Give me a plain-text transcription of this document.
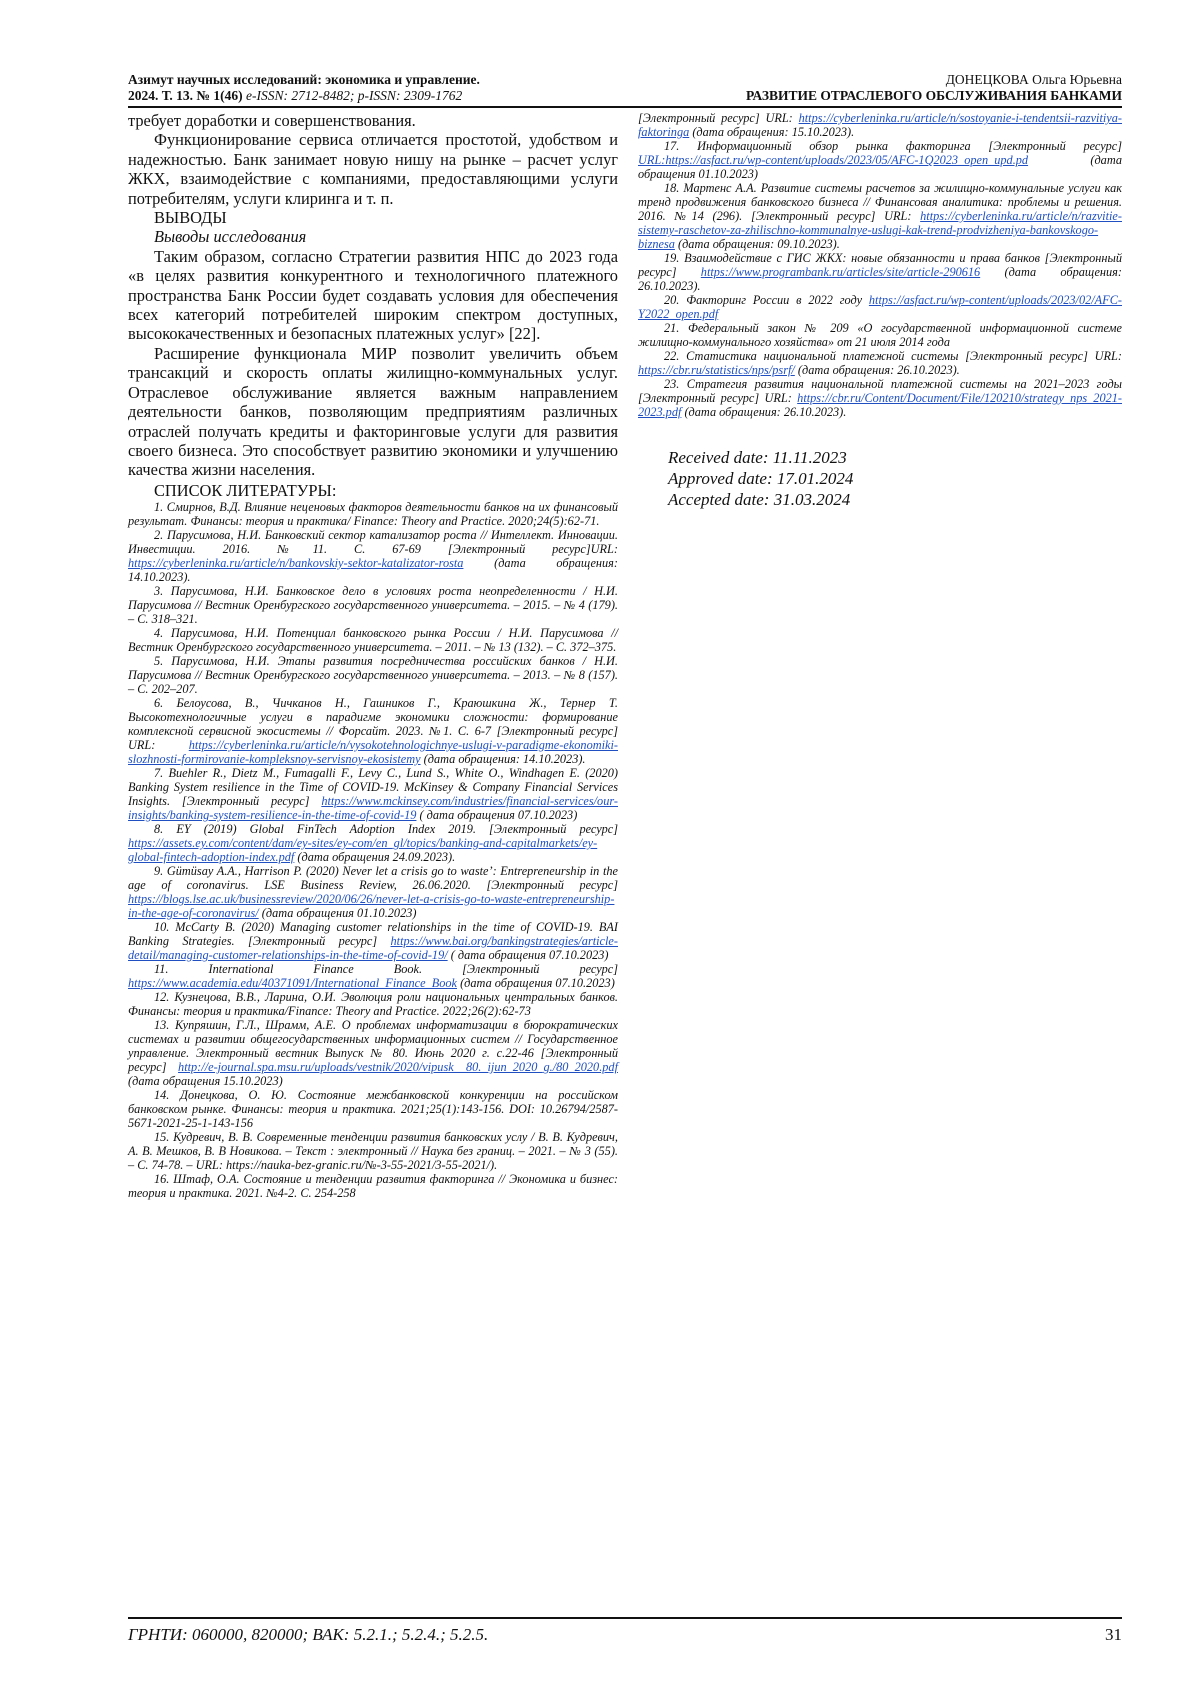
Азимут научных исследований: экономика и управление.
2024. Т. 13. № 1(46) e-ISSN: 2712-8482; p-ISSN: 2309-1762
ДОНЕЦКОВА Ольга Юрьевна
РАЗВИТИЕ ОТРАСЛЕВОГО ОБСЛУЖИВАНИЯ БАНКАМИ

требует доработки и совершенствования.

Функционирование сервиса отличается простотой, удобством и надежностью. Банк занимает новую нишу на рынке – расчет услуг ЖКХ, взаимодействие с компаниями, предоставляющими услуги потребителям, услуги клиринга и т. п.

ВЫВОДЫ
Выводы исследования

Таким образом, согласно Стратегии развития НПС до 2023 года «в целях развития конкурентного и технологичного платежного пространства Банк России будет создавать условия для обеспечения всех категорий потребителей широким спектром доступных, высококачественных и безопасных платежных услуг» [22].

Расширение функционала МИР позволит увеличить объем трансакций и скорость оплаты жилищно-коммунальных услуг. Отраслевое обслуживание является важным направлением деятельности банков, позволяющим предприятиям различных отраслей получать кредиты и факторинговые услуги для развития своего бизнеса. Это способствует развитию экономики и улучшению качества жизни населения.

СПИСОК ЛИТЕРАТУРЫ:

1. Смирнов, В.Д. Влияние неценовых факторов деятельности банков на их финансовый результат. Финансы: теория и практика/ Finance: Theory and Practice. 2020;24(5):62-71.

2. Парусимова, Н.И. Банковский сектор катализатор роста // Интеллект. Инновации. Инвестиции. 2016. №11. С. 67-69 [Электронный ресурс]URL: https://cyberleninka.ru/article/n/bankovskiy-sektor-katalizator-rosta (дата обращения: 14.10.2023).

3. Парусимова, Н.И. Банковское дело в условиях роста неопределенности / Н.И. Парусимова // Вестник Оренбургского государственного университета. – 2015. – № 4 (179). – С. 318–321.

4. Парусимова, Н.И. Потенциал банковского рынка России / Н.И. Парусимова // Вестник Оренбургского государственного университета. – 2011. – № 13 (132). – С. 372–375.

5. Парусимова, Н.И. Этапы развития посредничества российских банков / Н.И. Парусимова // Вестник Оренбургского государственного университета. – 2013. – № 8 (157). – С. 202–207.

6. Белоусова, В., Чичканов Н., Гашников Г., Краюшкина Ж., Тернер Т. Высокотехнологичные услуги в парадигме экономики сложности: формирование комплексной сервисной экосистемы // Форсайт. 2023. №1. С. 6-7 [Электронный ресурс] URL: https://cyberleninka.ru/article/n/vysokotehnologichnye-uslugi-v-paradigme-ekonomiki-slozhnosti-formirovanie-kompleksnoy-servisnoy-ekosistemy (дата обращения: 14.10.2023).

7. Buehler R., Dietz M., Fumagalli F., Levy C., Lund S., White O., Windhagen E. (2020) Banking System resilience in the Time of COVID-19. McKinsey & Company Financial Services Insights. [Электронный ресурс] https://www.mckinsey.com/industries/financial-services/our-insights/banking-system-resilience-in-the-time-of-covid-19 ( дата обращения 07.10.2023)

8. EY (2019) Global FinTech Adoption Index 2019. [Электронный ресурс] https://assets.ey.com/content/dam/ey-sites/ey-com/en_gl/topics/banking-and-capitalmarkets/ey-global-fintech-adoption-index.pdf (дата обращения 24.09.2023).

9. Gümüsay A.A., Harrison P. (2020) Never let a crisis go to waste’: Entrepreneurship in the age of coronavirus. LSE Business Review, 26.06.2020. [Электронный ресурс] https://blogs.lse.ac.uk/businessreview/2020/06/26/never-let-a-crisis-go-to-waste-entrepreneurship-in-the-age-of-coronavirus/ (дата обращения 01.10.2023)

10. McCarty B. (2020) Managing customer relationships in the time of COVID-19. BAI Banking Strategies. [Электронный ресурс] https://www.bai.org/bankingstrategies/article-detail/managing-customer-relationships-in-the-time-of-covid-19/ ( дата обращения 07.10.2023)

11. International Finance Book. [Электронный ресурс] https://www.academia.edu/40371091/International_Finance_Book (дата обращения 07.10.2023)

12. Кузнецова, В.В., Ларина, О.И. Эволюция роли национальных центральных банков. Финансы: теория и практика/Finance: Theory and Practice. 2022;26(2):62-73

13. Купряшин, Г.Л., Шрамм, А.Е. О проблемах информатизации в бюрократических системах и развитии общегосударственных информационных систем // Государственное управление. Электронный вестник Выпуск № 80. Июнь 2020 г. с.22-46 [Электронный ресурс] http://e-journal.spa.msu.ru/uploads/vestnik/2020/vipusk__80._ijun_2020_g./80_2020.pdf (дата обращения 15.10.2023)

14. Донецкова, О. Ю. Состояние межбанковской конкуренции на российском банковском рынке. Финансы: теория и практика. 2021;25(1):143-156. DOI: 10.26794/2587-5671-2021-25-1-143-156

15. Кудревич, В. В. Современные тенденции развития банковских услу / В. В. Кудревич, А. В. Мешков, В. В Новикова. – Текст : электронный // Наука без границ. – 2021. – № 3 (55). – С. 74-78. – URL: https://nauka-bez-granic.ru/№-3-55-2021/3-55-2021/).

16. Штаф, О.А. Состояние и тенденции развития факторинга // Экономика и бизнес: теория и практика. 2021. №4-2. С. 254-258

[Электронный ресурс] URL: https://cyberleninka.ru/article/n/sostoyanie-i-tendentsii-razvitiya-faktoringa (дата обращения: 15.10.2023).

17. Информационный обзор рынка факторинга [Электронный ресурс] URL:https://asfact.ru/wp-content/uploads/2023/05/AFC-1Q2023_open_upd.pd (дата обращения 01.10.2023)

18. Мартенс А.А. Развитие системы расчетов за жилищно-коммунальные услуги как тренд продвижения банковского бизнеса // Финансовая аналитика: проблемы и решения. 2016. №14 (296). [Электронный ресурс] URL: https://cyberleninka.ru/article/n/razvitie-sistemy-raschetov-za-zhilischno-kommunalnye-uslugi-kak-trend-prodvizheniya-bankovskogo-biznesa (дата обращения: 09.10.2023).

19. Взаимодействие с ГИС ЖКХ: новые обязанности и права банков [Электронный ресурс] https://www.programbank.ru/articles/site/article-290616 (дата обращения: 26.10.2023).

20. Факторинг России в 2022 году https://asfact.ru/wp-content/uploads/2023/02/AFC-Y2022_open.pdf

21. Федеральный закон № 209 «О государственной информационной системе жилищно-коммунального хозяйства» от 21 июля 2014 года

22. Статистика национальной платежной системы [Электронный ресурс] URL: https://cbr.ru/statistics/nps/psrf/ (дата обращения: 26.10.2023).

23. Стратегия развития национальной платежной системы на 2021–2023 годы [Электронный ресурс] URL: https://cbr.ru/Content/Document/File/120210/strategy_nps_2021-2023.pdf (дата обращения: 26.10.2023).

Received date: 11.11.2023
Approved date: 17.01.2024
Accepted date: 31.03.2024
ГРНТИ: 060000, 820000; ВАК: 5.2.1.; 5.2.4.; 5.2.5.	31
